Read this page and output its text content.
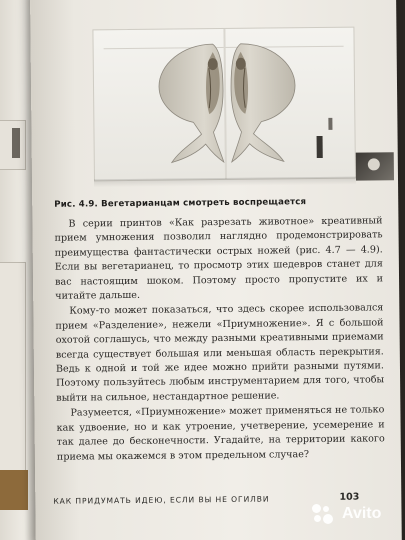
Рис. 4.9. Вегетарианцам смотреть воспрещается

В серии принтов «Как разрезать животное» креативный прием умножения позволил наглядно продемонстрировать преимущества фантастически острых ножей (рис. 4.7 — 4.9). Если вы вегетарианец, то просмотр этих шедевров станет для вас настоящим шоком. Поэтому просто пропустите их и читайте дальше.

Кому-то может показаться, что здесь скорее использовался прием «Разделение», нежели «Приумножение». Я с большой охотой соглашусь, что между разными креативными приемами всегда существует большая или меньшая область перекрытия. Ведь к одной и той же идее можно прийти разными путями. Поэтому пользуйтесь любым инструментарием для того, чтобы выйти на сильное, нестандартное решение.

Разумеется, «Приумножение» может применяться не только как удвоение, но и как утроение, учетверение, усемерение и так далее до бесконечности. Угадайте, на территории какого приема мы окажемся в этом предельном случае?

КАК ПРИДУМАТЬ ИДЕЮ, ЕСЛИ ВЫ НЕ ОГИЛВИ	103
Avito
